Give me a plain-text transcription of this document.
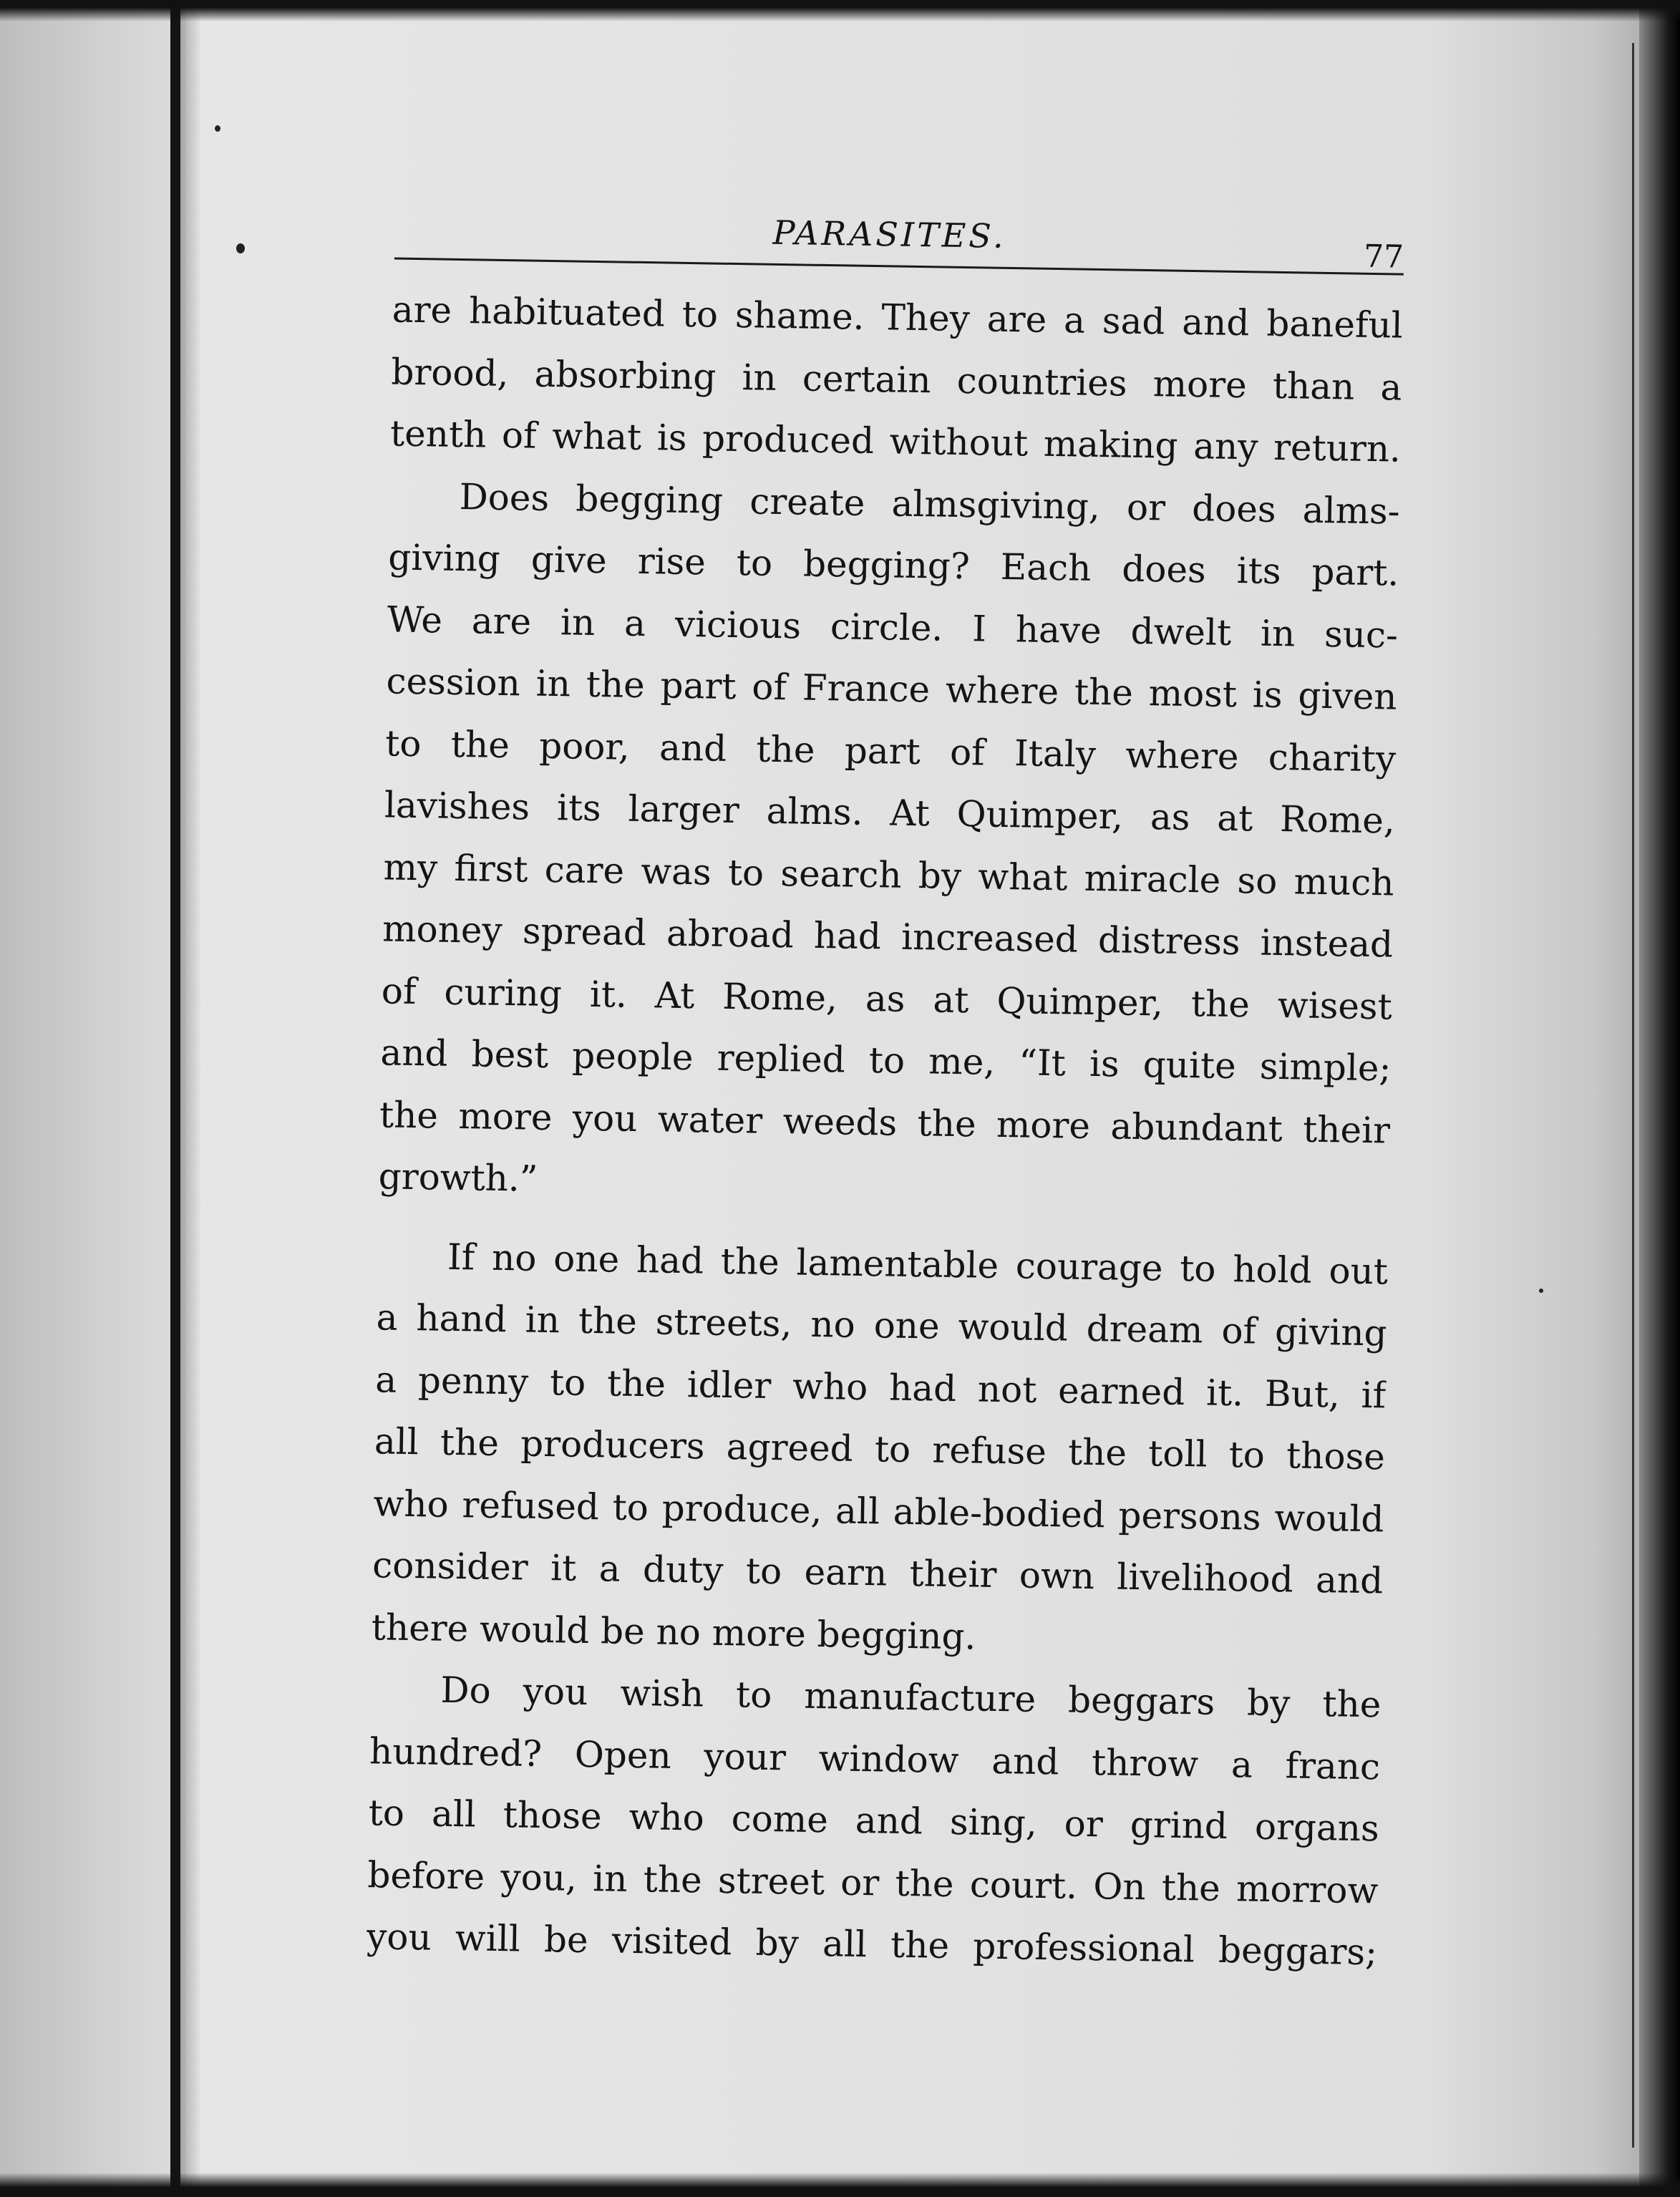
PARASITES.
77
are habituated to shame. They are a sad and baneful
brood, absorbing in certain countries more than a
tenth of what is produced without making any return.
Does begging create almsgiving, or does alms-
giving give rise to begging? Each does its part.
We are in a vicious circle. I have dwelt in suc-
cession in the part of France where the most is given
to the poor, and the part of Italy where charity
lavishes its larger alms. At Quimper, as at Rome,
my first care was to search by what miracle so much
money spread abroad had increased distress instead
of curing it. At Rome, as at Quimper, the wisest
and best people replied to me, “It is quite simple;
the more you water weeds the more abundant their
growth.”
If no one had the lamentable courage to hold out
a hand in the streets, no one would dream of giving
a penny to the idler who had not earned it. But, if
all the producers agreed to refuse the toll to those
who refused to produce, all able-bodied persons would
consider it a duty to earn their own livelihood and
there would be no more begging.
Do you wish to manufacture beggars by the
hundred? Open your window and throw a franc
to all those who come and sing, or grind organs
before you, in the street or the court. On the morrow
you will be visited by all the professional beggars;
